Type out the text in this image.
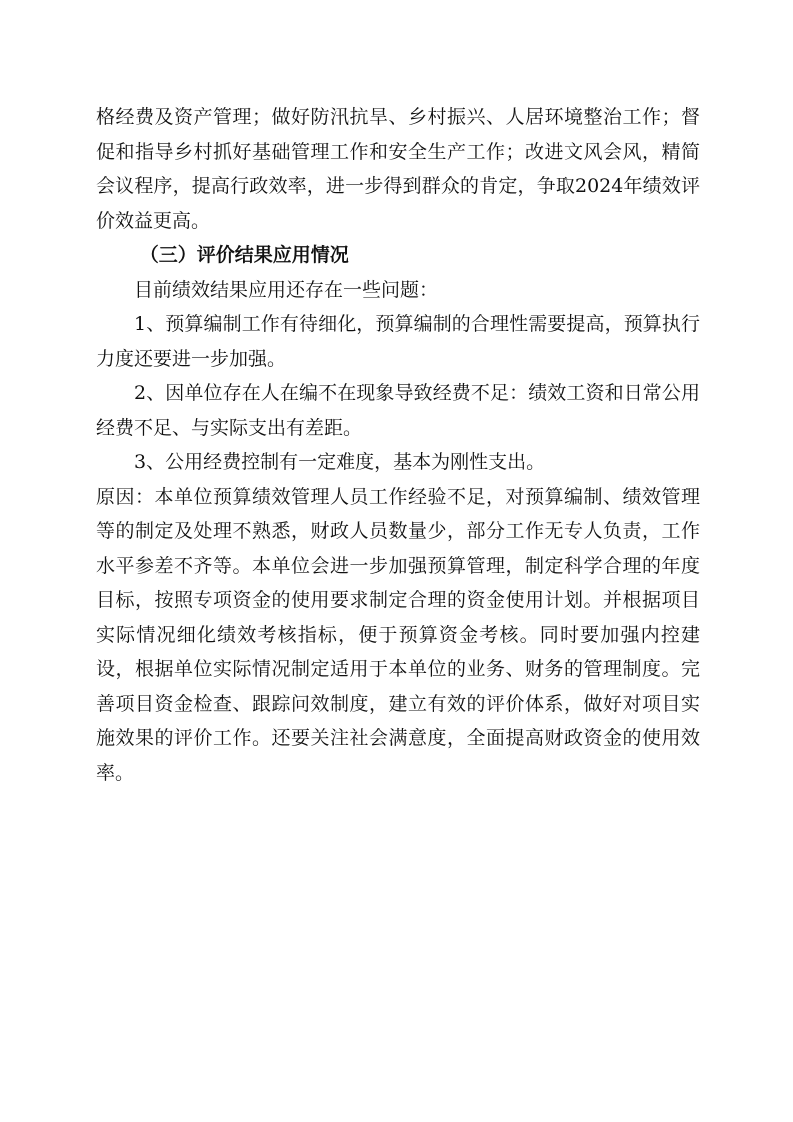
格经费及资产管理；做好防汛抗旱、乡村振兴、人居环境整治工作；督促和指导乡村抓好基础管理工作和安全生产工作；改进文风会风，精简会议程序，提高行政效率，进一步得到群众的肯定，争取2024年绩效评价效益更高。

（三）评价结果应用情况

目前绩效结果应用还存在一些问题：

1、预算编制工作有待细化，预算编制的合理性需要提高，预算执行力度还要进一步加强。

2、因单位存在人在编不在现象导致经费不足：绩效工资和日常公用经费不足、与实际支出有差距。

3、公用经费控制有一定难度，基本为刚性支出。

原因：本单位预算绩效管理人员工作经验不足，对预算编制、绩效管理等的制定及处理不熟悉，财政人员数量少，部分工作无专人负责，工作水平参差不齐等。本单位会进一步加强预算管理，制定科学合理的年度目标，按照专项资金的使用要求制定合理的资金使用计划。并根据项目实际情况细化绩效考核指标，便于预算资金考核。同时要加强内控建设，根据单位实际情况制定适用于本单位的业务、财务的管理制度。完善项目资金检查、跟踪问效制度，建立有效的评价体系，做好对项目实施效果的评价工作。还要关注社会满意度，全面提高财政资金的使用效率。
